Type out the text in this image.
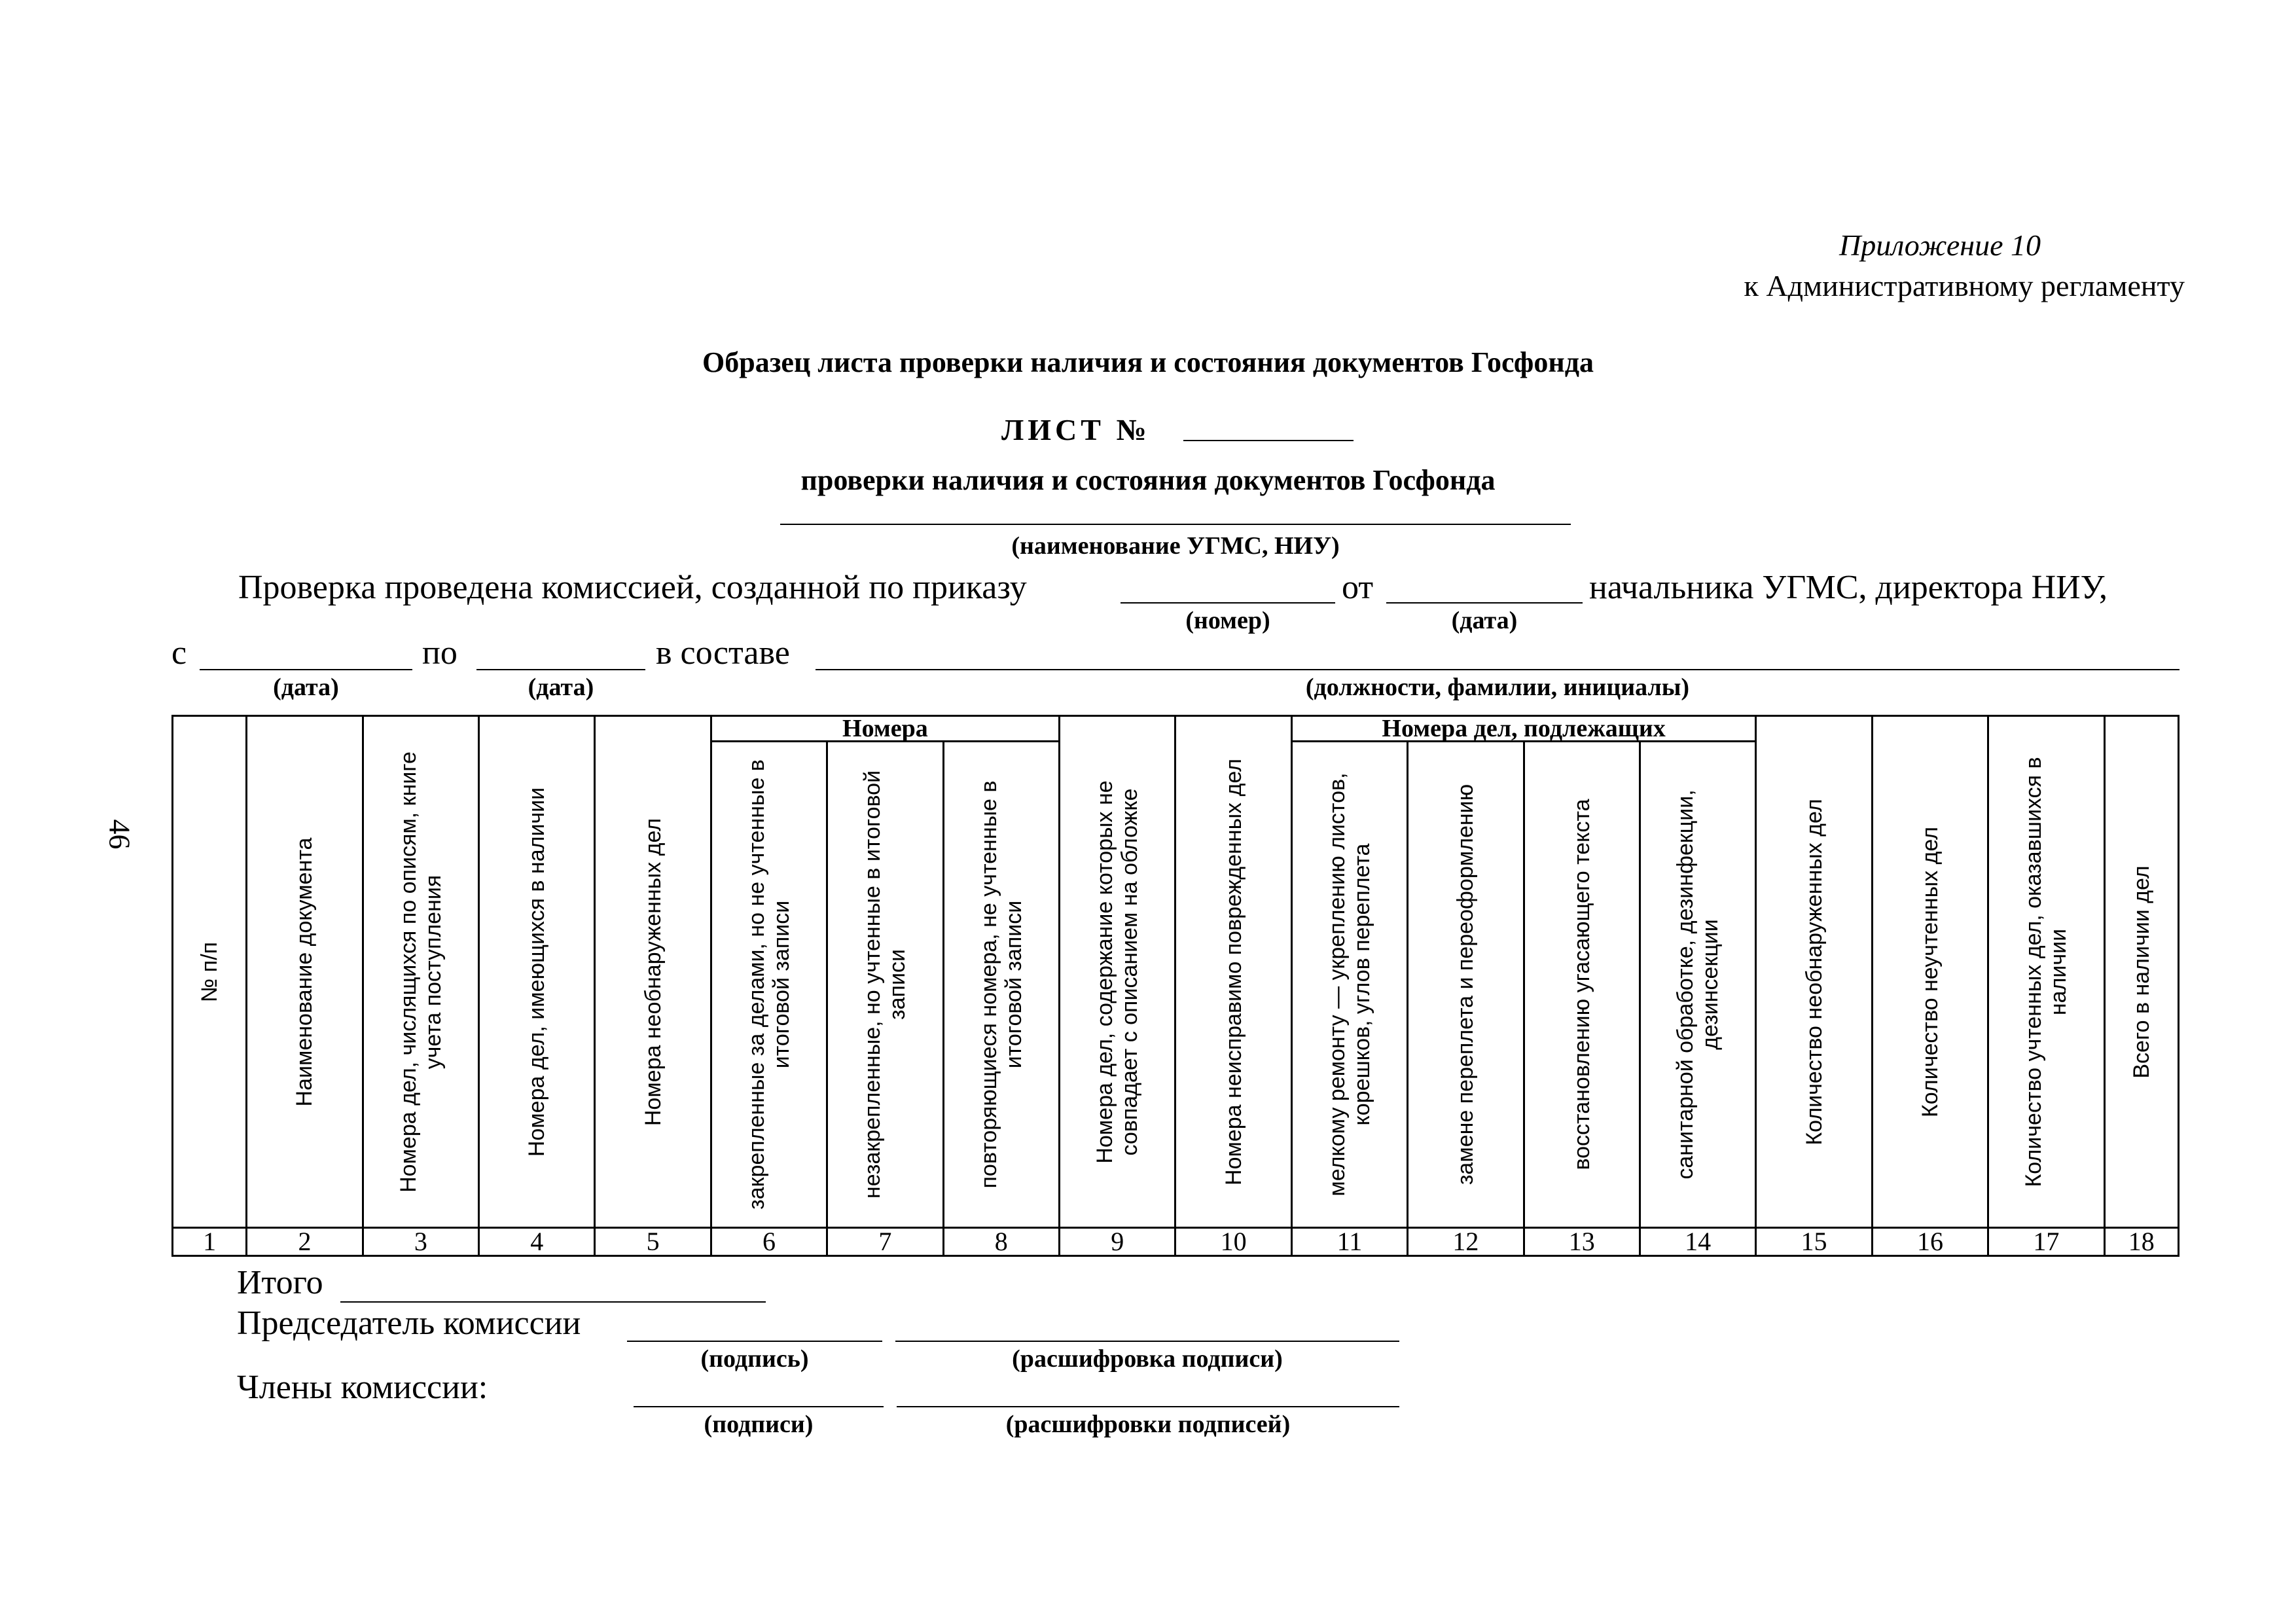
46
Приложение 10
к Административному регламенту
Образец листа проверки наличия и состояния документов Госфонда
ЛИСТ №
проверки наличия и состояния документов Госфонда
(наименование УГМС, НИУ)
Проверка проведена комиссией, созданной по приказу	от	начальника УГМС, директора НИУ,
(номер)	(дата)
с	по	в составе
(дата)	(дата)	(должности, фамилии, инициалы)
№ п/п	Наименование документа	Номера дел, числящихся по описям, книге учета поступления	Номера дел, имеющихся в наличии	Номера необнаруженных дел	Номера			Номера дел, содержание которых не совпадает с описанием на обложке	Номера неисправимо поврежденных дел	Номера дел, подлежащих				Количество необнаруженных дел	Количество неучтенных дел	Количество учтенных дел, оказавшихся в наличии	Всего в наличии дел

					закрепленные за делами, но не учтенные в итоговой записи	незакрепленные, но учтенные в итоговой записи	повторяющиеся номера, не учтенные в итоговой записи			мелкому ремонту — укреплению листов, корешков, углов переплета	замене переплета и переоформлению	восстановлению угасающего текста	санитарной обработке, дезинфекции, дезинсекции				

1	2	3	4	5	6	7	8	9	10	11	12	13	14	15	16	17	18
Итого
Председатель комиссии
(подпись)	(расшифровка подписи)
Члены комиссии:
(подписи)	(расшифровки подписей)
